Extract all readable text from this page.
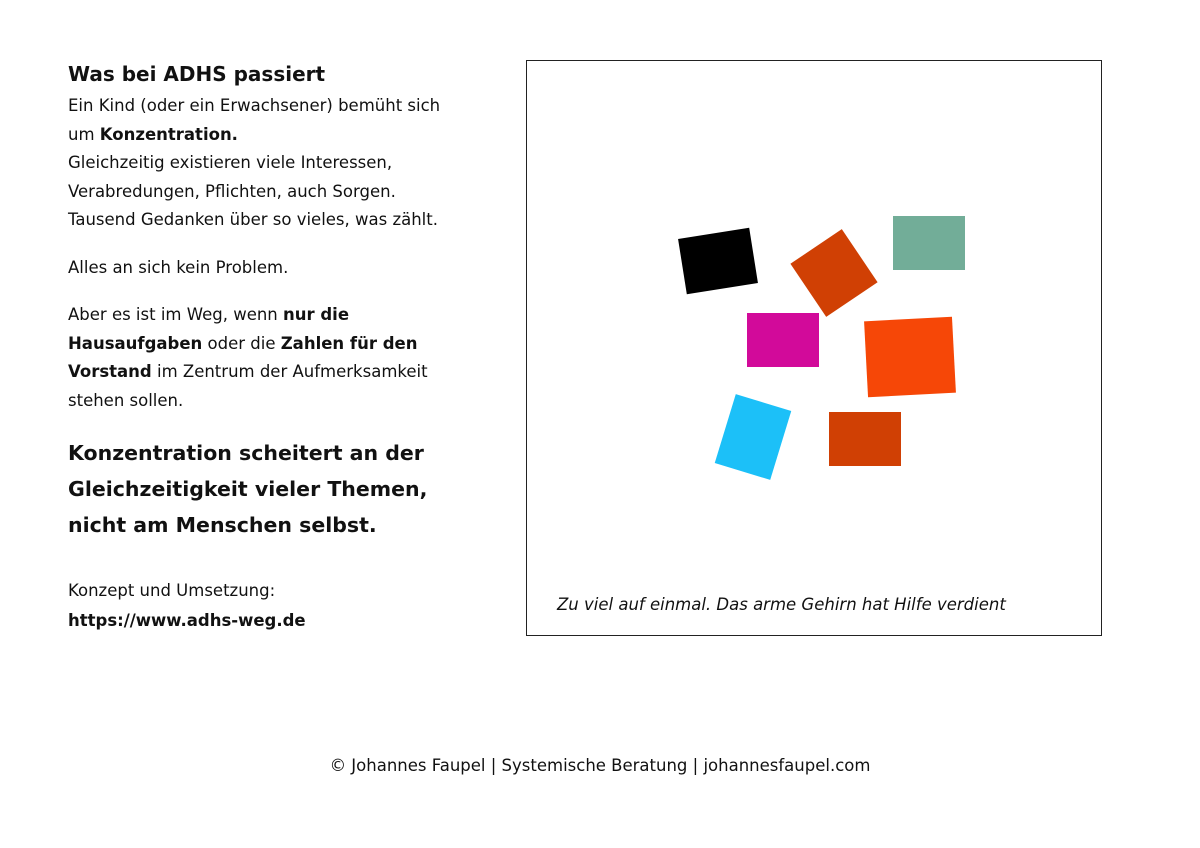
Was bei ADHS passiert

Ein Kind (oder ein Erwachsener) bemüht sich
um Konzentration.
Gleichzeitig existieren viele Interessen,
Verabredungen, Pflichten, auch Sorgen.
Tausend Gedanken über so vieles, was zählt.

Alles an sich kein Problem.

Aber es ist im Weg, wenn nur die
Hausaufgaben oder die Zahlen für den
Vorstand im Zentrum der Aufmerksamkeit
stehen sollen.

Konzentration scheitert an der
Gleichzeitigkeit vieler Themen,
nicht am Menschen selbst.
Konzept und Umsetzung:
https://www.adhs-weg.de
Zu viel auf einmal. Das arme Gehirn hat Hilfe verdient
© Johannes Faupel | Systemische Beratung | johannesfaupel.com
